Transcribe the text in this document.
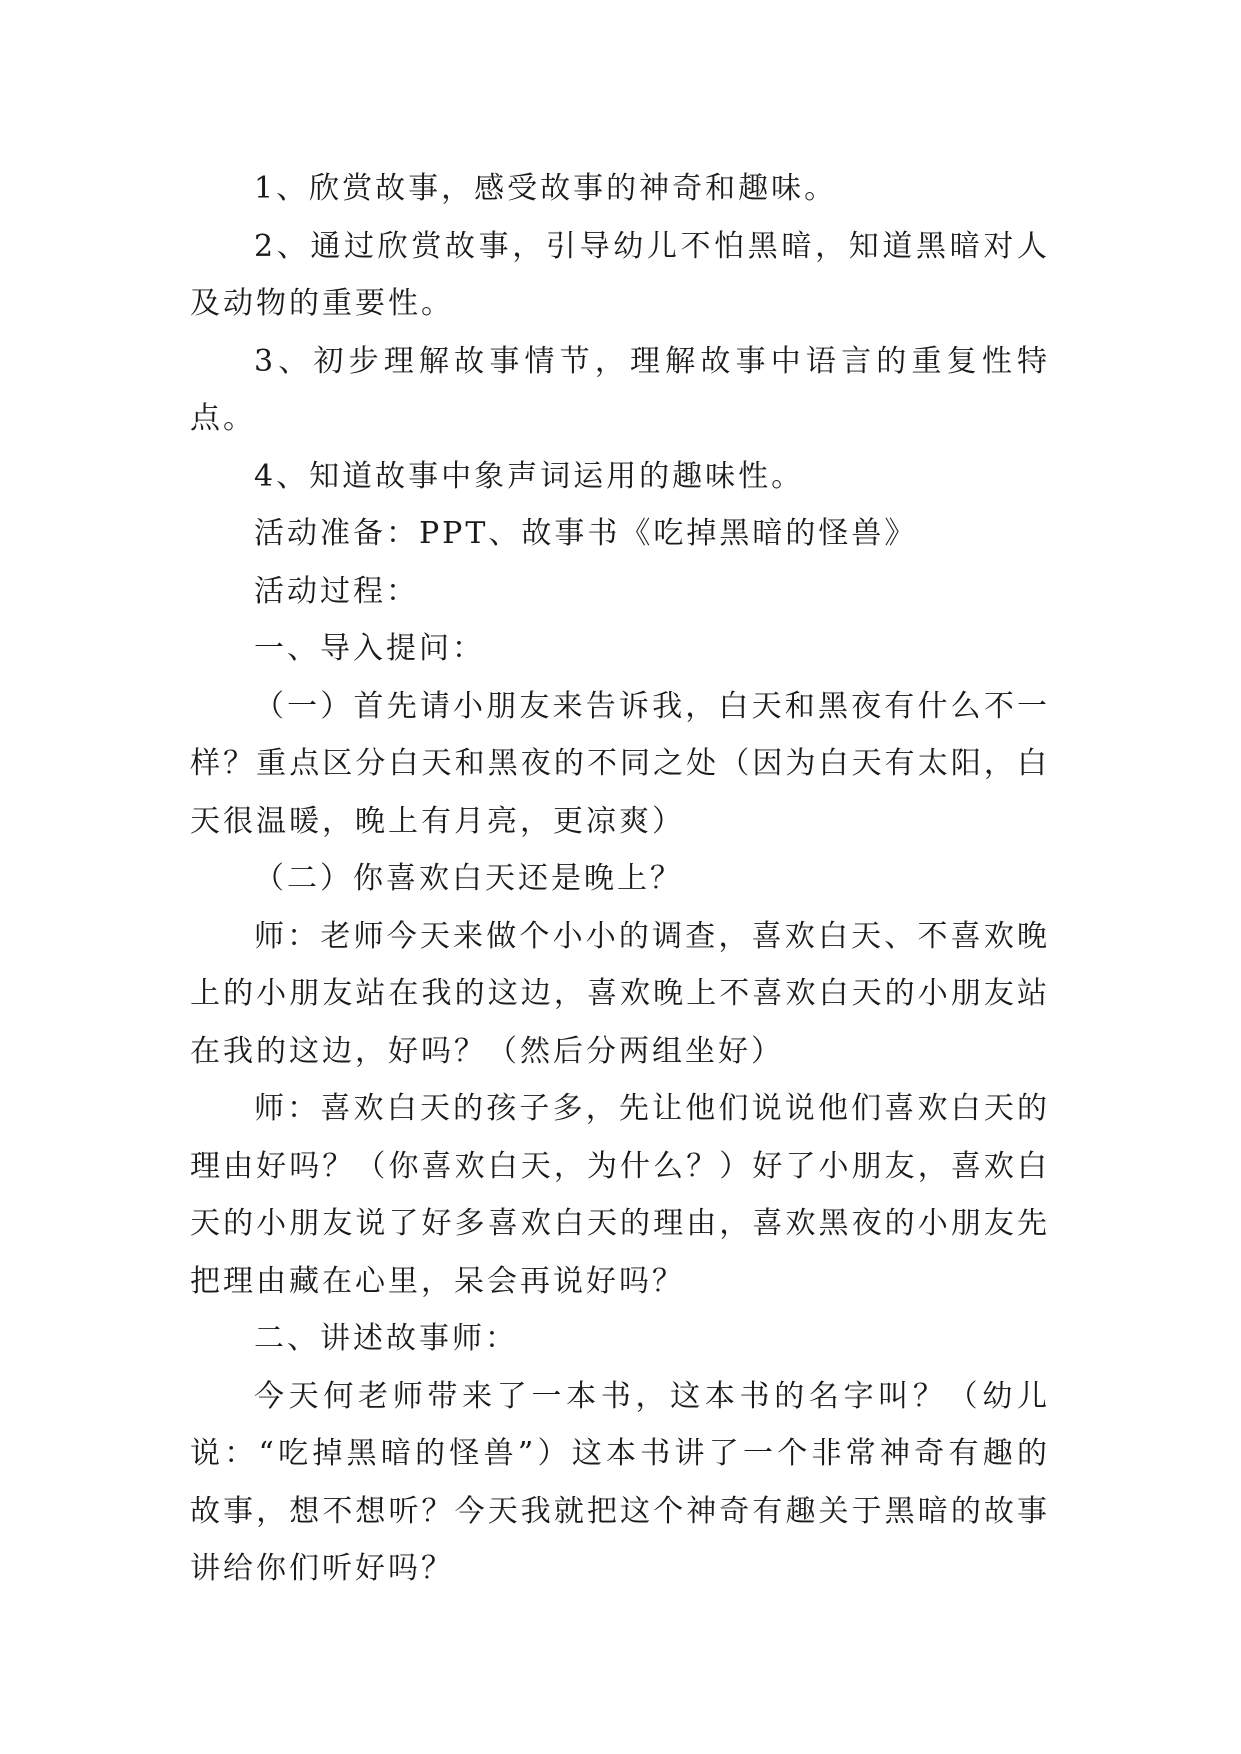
1、欣赏故事，感受故事的神奇和趣味。

2、通过欣赏故事，引导幼儿不怕黑暗，知道黑暗对人及动物的重要性。

3、初步理解故事情节，理解故事中语言的重复性特点。

4、知道故事中象声词运用的趣味性。

活动准备：PPT、故事书《吃掉黑暗的怪兽》

活动过程：

一、导入提问：

（一）首先请小朋友来告诉我，白天和黑夜有什么不一样？重点区分白天和黑夜的不同之处（因为白天有太阳，白天很温暖，晚上有月亮，更凉爽）

（二）你喜欢白天还是晚上？

师：老师今天来做个小小的调查，喜欢白天、不喜欢晚上的小朋友站在我的这边，喜欢晚上不喜欢白天的小朋友站在我的这边，好吗？（然后分两组坐好）

师：喜欢白天的孩子多，先让他们说说他们喜欢白天的理由好吗？（你喜欢白天，为什么？）好了小朋友，喜欢白天的小朋友说了好多喜欢白天的理由，喜欢黑夜的小朋友先把理由藏在心里，呆会再说好吗？

二、讲述故事师：

今天何老师带来了一本书，这本书的名字叫？（幼儿说：“吃掉黑暗的怪兽”）这本书讲了一个非常神奇有趣的故事，想不想听？今天我就把这个神奇有趣关于黑暗的故事讲给你们听好吗？
